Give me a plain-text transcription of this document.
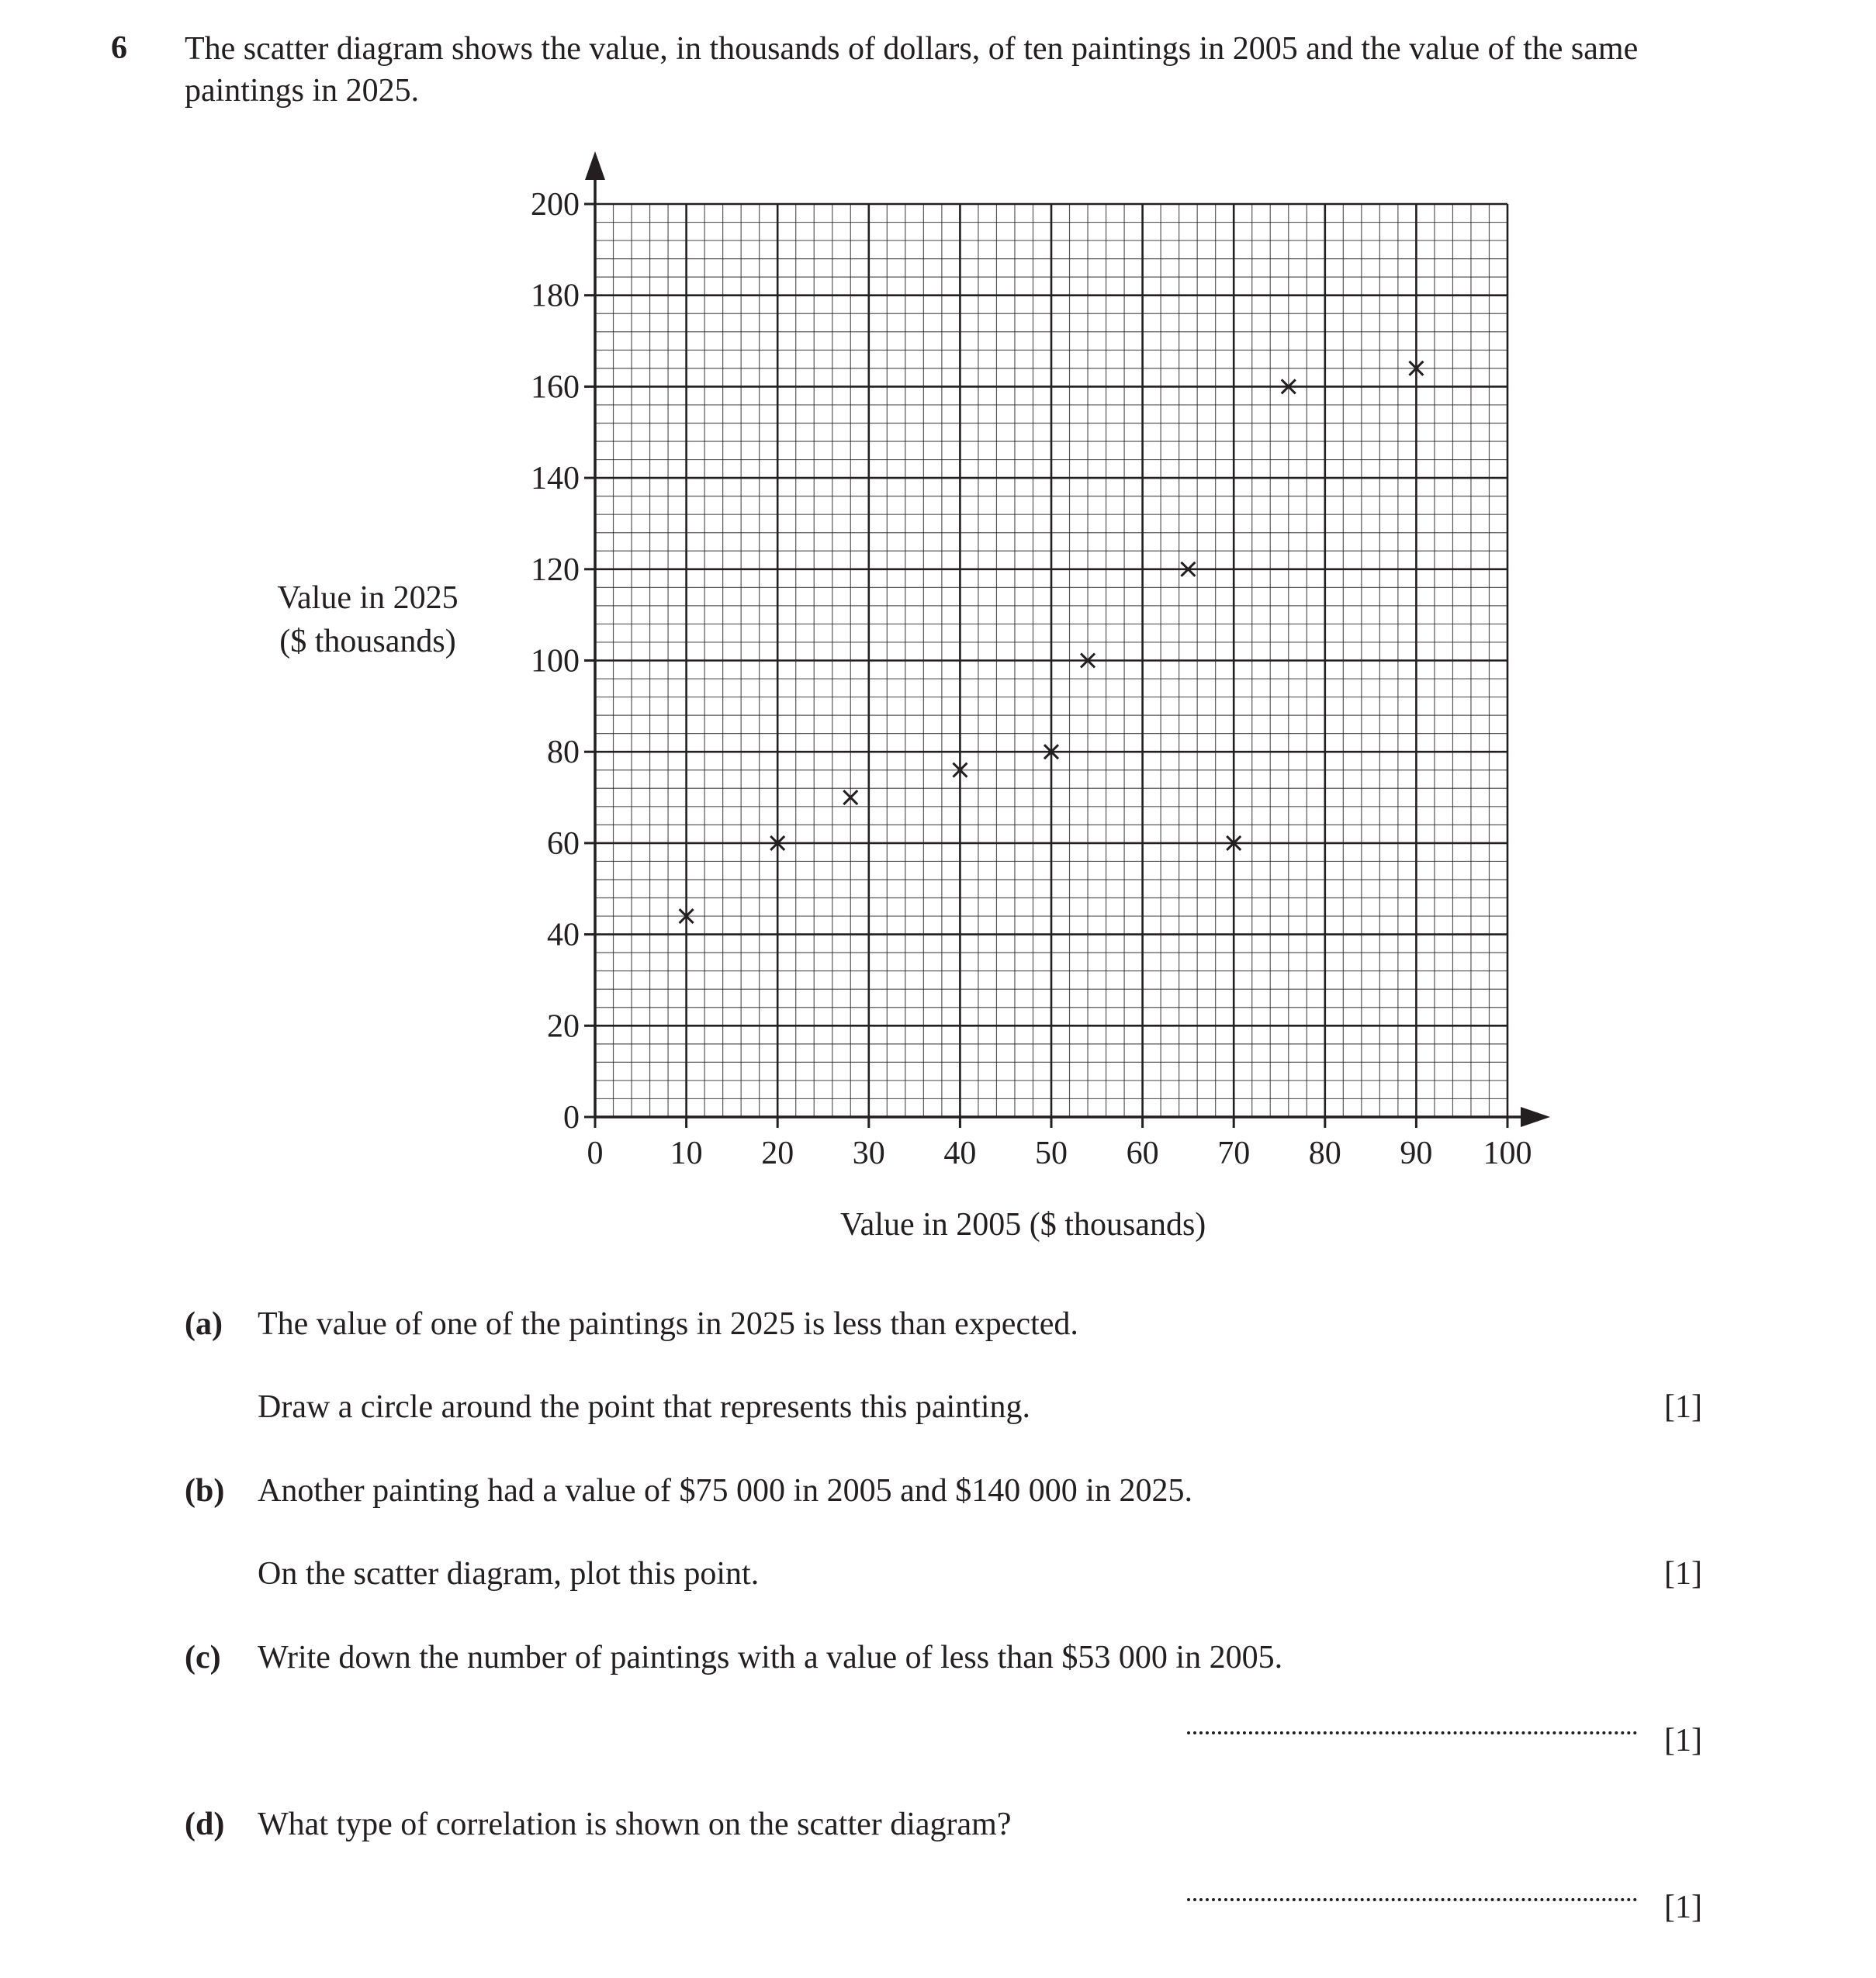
6 The scatter diagram shows the value, in thousands of dollars, of ten paintings in 2005 and the value of the same paintings in 2025.
0
20
40
60
80
100
120
140
160
180
200
0 10 20 30 40 50 60 70 80 90 100
Value in 2025
($ thousands)
Value in 2005 ($ thousands)
(a) The value of one of the paintings in 2025 is less than expected.
Draw a circle around the point that represents this painting.	[1]
(b) Another painting had a value of $75 000 in 2005 and $140 000 in 2025.
On the scatter diagram, plot this point.	[1]
(c) Write down the number of paintings with a value of less than $53 000 in 2005.
[1]
(d) What type of correlation is shown on the scatter diagram?
[1]
